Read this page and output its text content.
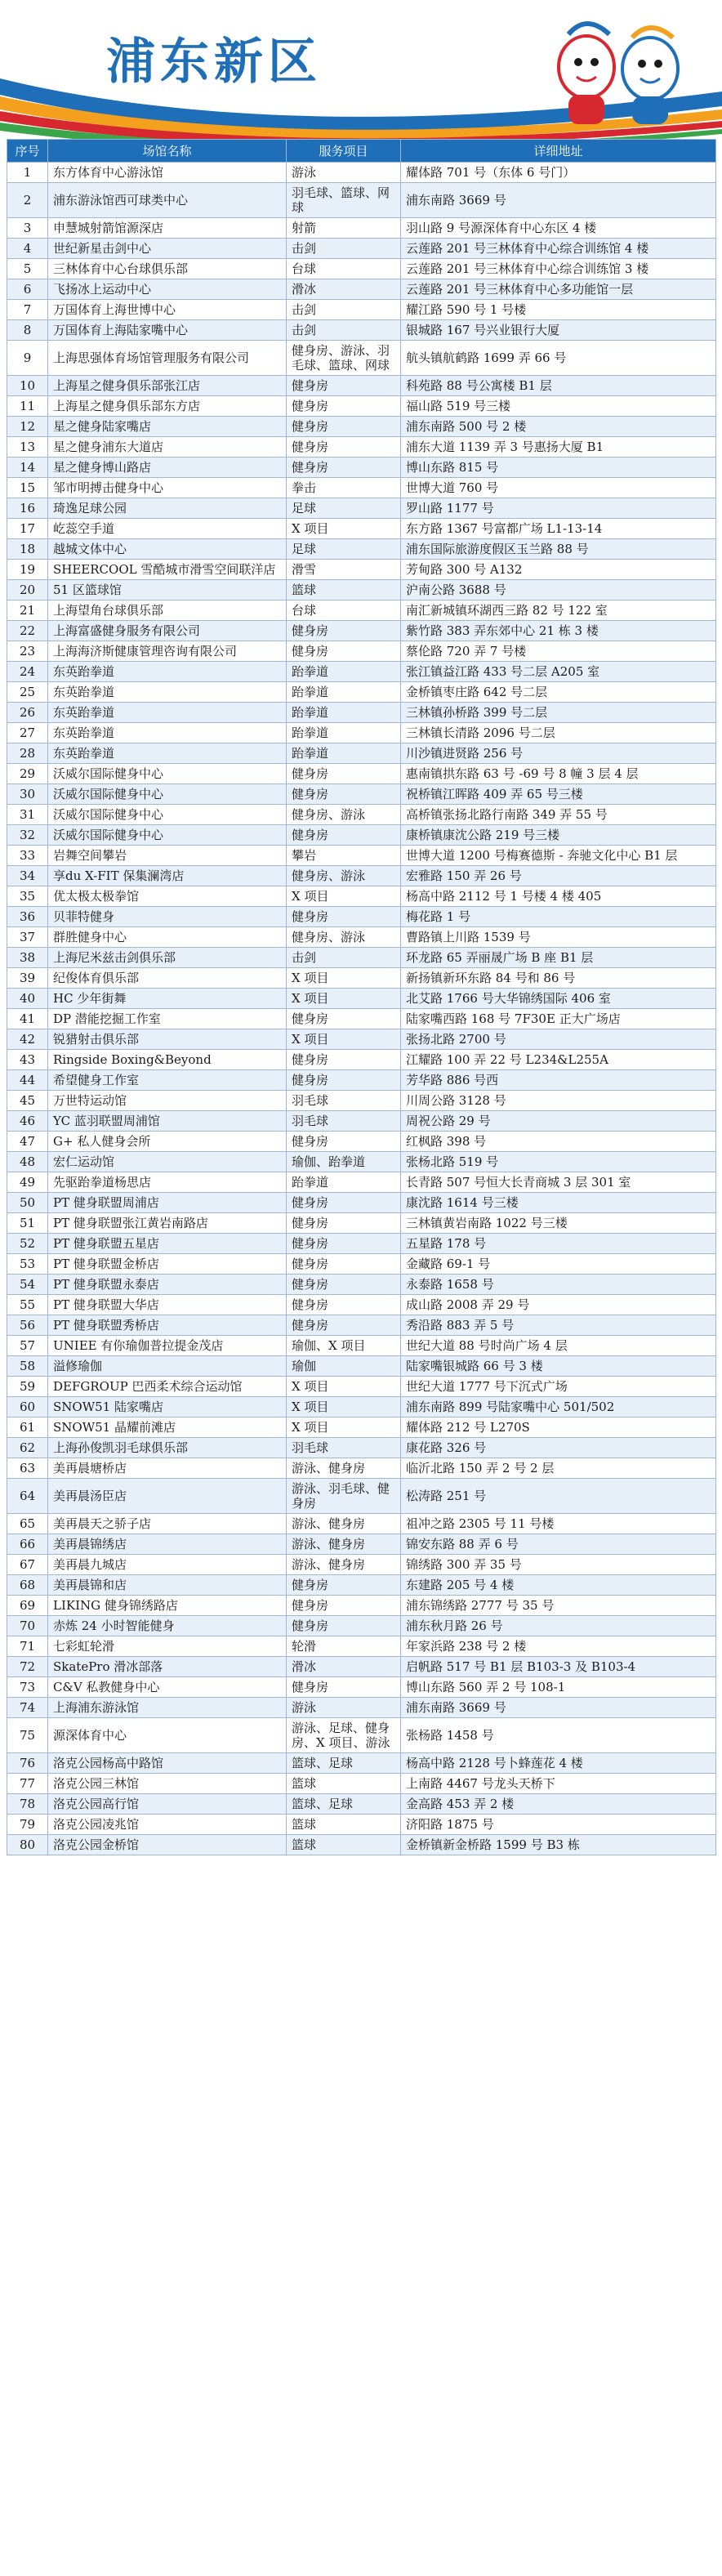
浦东新区
序号	场馆名称	服务项目	详细地址
1	东方体育中心游泳馆	游泳	耀体路 701 号（东体 6 号门）
2	浦东游泳馆西可球类中心	羽毛球、篮球、网球	浦东南路 3669 号
3	申慧城射箭馆源深店	射箭	羽山路 9 号源深体育中心东区 4 楼
4	世纪新星击剑中心	击剑	云莲路 201 号三林体育中心综合训练馆 4 楼
5	三林体育中心台球俱乐部	台球	云莲路 201 号三林体育中心综合训练馆 3 楼
6	飞扬冰上运动中心	滑冰	云莲路 201 号三林体育中心多功能馆一层
7	万国体育上海世博中心	击剑	耀江路 590 号 1 号楼
8	万国体育上海陆家嘴中心	击剑	银城路 167 号兴业银行大厦
9	上海思强体育场馆管理服务有限公司	健身房、游泳、羽毛球、篮球、网球	航头镇航鹤路 1699 弄 66 号
10	上海星之健身俱乐部张江店	健身房	科苑路 88 号公寓楼 B1 层
11	上海星之健身俱乐部东方店	健身房	福山路 519 号三楼
12	星之健身陆家嘴店	健身房	浦东南路 500 号 2 楼
13	星之健身浦东大道店	健身房	浦东大道 1139 弄 3 号惠扬大厦 B1
14	星之健身博山路店	健身房	博山东路 815 号
15	邹市明搏击健身中心	拳击	世博大道 760 号
16	琦逸足球公园	足球	罗山路 1177 号
17	屹蕊空手道	X 项目	东方路 1367 号富都广场 L1-13-14
18	越城文体中心	足球	浦东国际旅游度假区玉兰路 88 号
19	SHEERCOOL 雪酷城市滑雪空间联洋店	滑雪	芳甸路 300 号 A132
20	51 区篮球馆	篮球	沪南公路 3688 号
21	上海望角台球俱乐部	台球	南汇新城镇环湖西三路 82 号 122 室
22	上海富盛健身服务有限公司	健身房	紫竹路 383 弄东郊中心 21 栋 3 楼
23	上海海济斯健康管理咨询有限公司	健身房	蔡伦路 720 弄 7 号楼
24	东英跆拳道	跆拳道	张江镇益江路 433 号二层 A205 室
25	东英跆拳道	跆拳道	金桥镇枣庄路 642 号二层
26	东英跆拳道	跆拳道	三林镇孙桥路 399 号二层
27	东英跆拳道	跆拳道	三林镇长清路 2096 号二层
28	东英跆拳道	跆拳道	川沙镇进贤路 256 号
29	沃威尔国际健身中心	健身房	惠南镇拱东路 63 号 -69 号 8 幢 3 层 4 层
30	沃威尔国际健身中心	健身房	祝桥镇江晖路 409 弄 65 号三楼
31	沃威尔国际健身中心	健身房、游泳	高桥镇张扬北路行南路 349 弄 55 号
32	沃威尔国际健身中心	健身房	康桥镇康沈公路 219 号三楼
33	岩舞空间攀岩	攀岩	世博大道 1200 号梅赛德斯 - 奔驰文化中心 B1 层
34	享du X-FIT 保集澜湾店	健身房、游泳	宏雅路 150 弄 26 号
35	优太极太极拳馆	X 项目	杨高中路 2112 号 1 号楼 4 楼 405
36	贝菲特健身	健身房	梅花路 1 号
37	群胜健身中心	健身房、游泳	曹路镇上川路 1539 号
38	上海尼米兹击剑俱乐部	击剑	环龙路 65 弄丽晟广场 B 座 B1 层
39	纪俊体育俱乐部	X 项目	新扬镇新环东路 84 号和 86 号
40	HC 少年街舞	X 项目	北艾路 1766 号大华锦绣国际 406 室
41	DP 潜能挖掘工作室	健身房	陆家嘴西路 168 号 7F30E 正大广场店
42	锐猎射击俱乐部	X 项目	张扬北路 2700 号
43	Ringside Boxing&Beyond	健身房	江耀路 100 弄 22 号 L234&L255A
44	希望健身工作室	健身房	芳华路 886 号西
45	万世特运动馆	羽毛球	川周公路 3128 号
46	YC 蓝羽联盟周浦馆	羽毛球	周祝公路 29 号
47	G+ 私人健身会所	健身房	红枫路 398 号
48	宏仁运动馆	瑜伽、跆拳道	张杨北路 519 号
49	先驱跆拳道杨思店	跆拳道	长青路 507 号恒大长青商城 3 层 301 室
50	PT 健身联盟周浦店	健身房	康沈路 1614 号三楼
51	PT 健身联盟张江黄岩南路店	健身房	三林镇黄岩南路 1022 号三楼
52	PT 健身联盟五星店	健身房	五星路 178 号
53	PT 健身联盟金桥店	健身房	金藏路 69-1 号
54	PT 健身联盟永泰店	健身房	永泰路 1658 号
55	PT 健身联盟大华店	健身房	成山路 2008 弄 29 号
56	PT 健身联盟秀桥店	健身房	秀沿路 883 弄 5 号
57	UNIEE 有你瑜伽普拉提金茂店	瑜伽、X 项目	世纪大道 88 号时尚广场 4 层
58	溢修瑜伽	瑜伽	陆家嘴银城路 66 号 3 楼
59	DEFGROUP 巴西柔术综合运动馆	X 项目	世纪大道 1777 号下沉式广场
60	SNOW51 陆家嘴店	X 项目	浦东南路 899 号陆家嘴中心 501/502
61	SNOW51 晶耀前滩店	X 项目	耀体路 212 号 L270S
62	上海孙俊凯羽毛球俱乐部	羽毛球	康花路 326 号
63	美再晨塘桥店	游泳、健身房	临沂北路 150 弄 2 号 2 层
64	美再晨汤臣店	游泳、羽毛球、健身房	松涛路 251 号
65	美再晨天之骄子店	游泳、健身房	祖冲之路 2305 号 11 号楼
66	美再晨锦绣店	游泳、健身房	锦安东路 88 弄 6 号
67	美再晨九城店	游泳、健身房	锦绣路 300 弄 35 号
68	美再晨锦和店	健身房	东建路 205 号 4 楼
69	LIKING 健身锦绣路店	健身房	浦东锦绣路 2777 号 35 号
70	赤炼 24 小时智能健身	健身房	浦东秋月路 26 号
71	七彩虹轮滑	轮滑	年家浜路 238 号 2 楼
72	SkatePro 滑冰部落	滑冰	启帆路 517 号 B1 层 B103-3 及 B103-4
73	C&V 私教健身中心	健身房	博山东路 560 弄 2 号 108-1
74	上海浦东游泳馆	游泳	浦东南路 3669 号
75	源深体育中心	游泳、足球、健身房、X 项目、游泳	张杨路 1458 号
76	洛克公园杨高中路馆	篮球、足球	杨高中路 2128 号卜蜂莲花 4 楼
77	洛克公园三林馆	篮球	上南路 4467 号龙头天桥下
78	洛克公园高行馆	篮球、足球	金高路 453 弄 2 楼
79	洛克公园凌兆馆	篮球	济阳路 1875 号
80	洛克公园金桥馆	篮球	金桥镇新金桥路 1599 号 B3 栋
